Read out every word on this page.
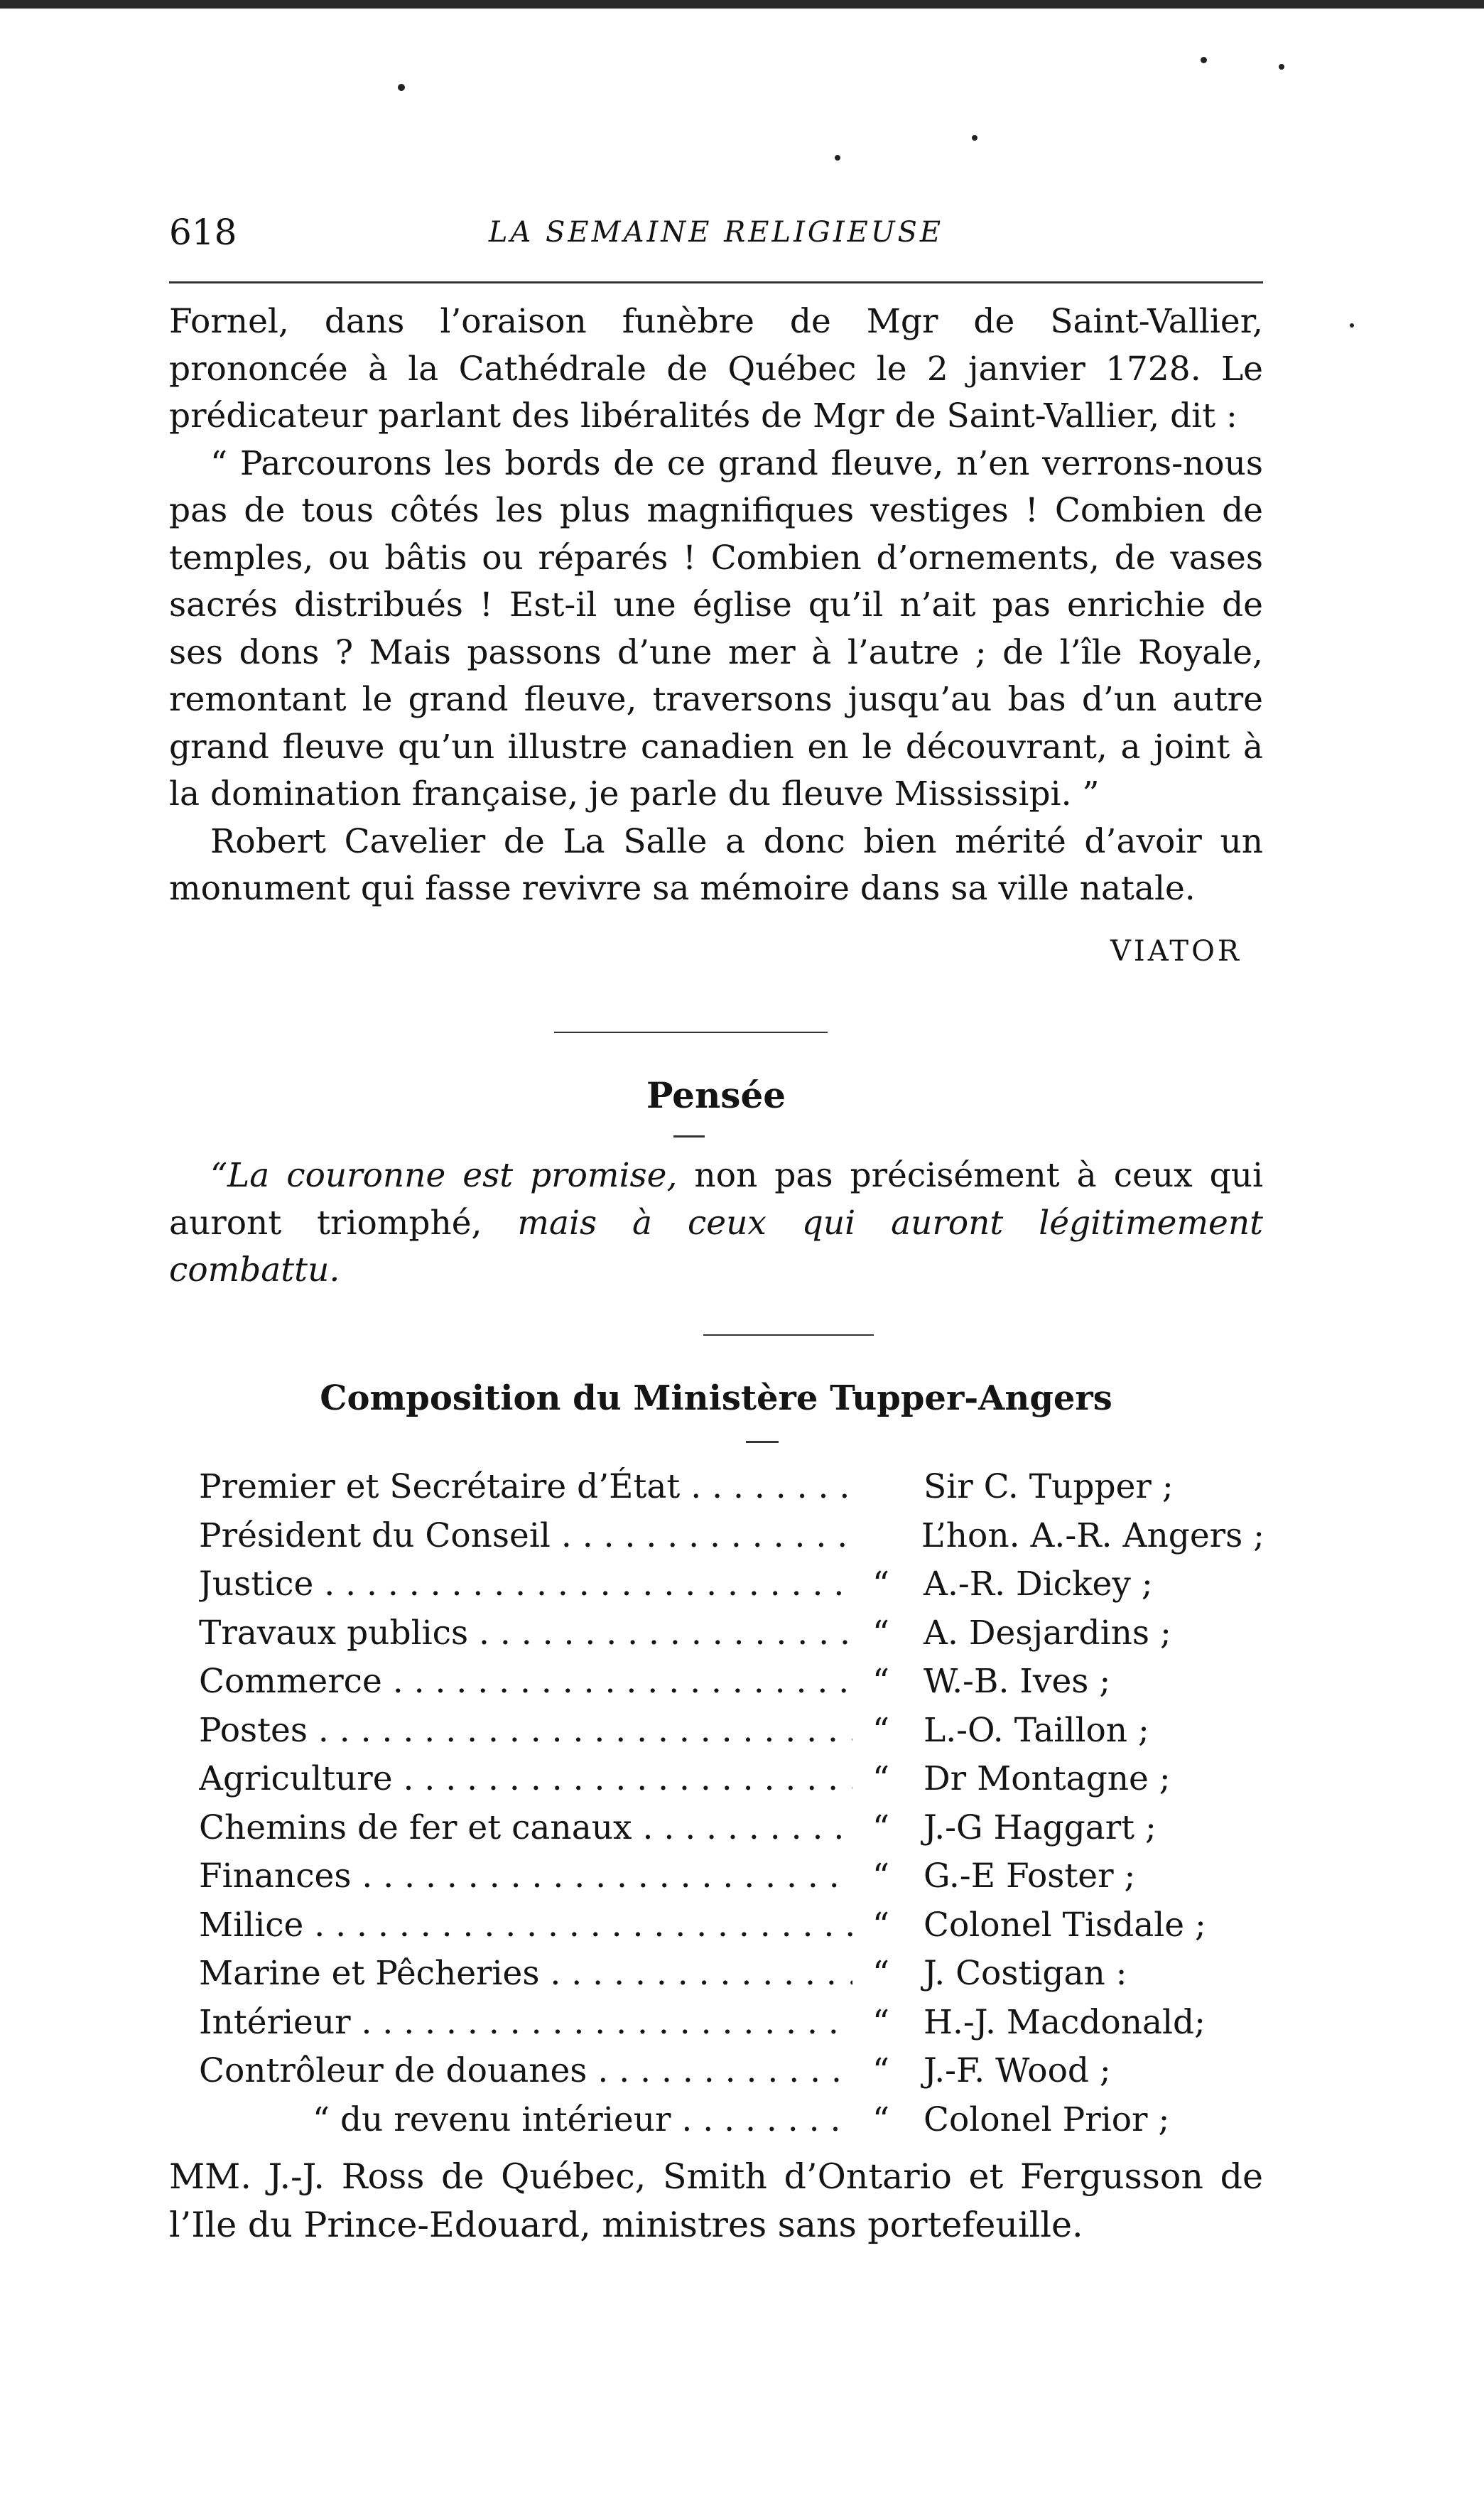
618	LA SEMAINE RELIGIEUSE

Fornel, dans l’oraison funèbre de Mgr de Saint-Vallier, prononcée à la Cathédrale de Québec le 2 janvier 1728. Le prédicateur parlant des libéralités de Mgr de Saint-Vallier, dit :

“ Parcourons les bords de ce grand fleuve, n’en verrons-nous pas de tous côtés les plus magnifiques vestiges ! Combien de temples, ou bâtis ou réparés ! Combien d’ornements, de vases sacrés distribués ! Est-il une église qu’il n’ait pas enrichie de ses dons ? Mais passons d’une mer à l’autre ; de l’île Royale, remontant le grand fleuve, traversons jusqu’au bas d’un autre grand fleuve qu’un illustre canadien en le découvrant, a joint à la domination française, je parle du fleuve Mississipi. ”

Robert Cavelier de La Salle a donc bien mérité d’avoir un monument qui fasse revivre sa mémoire dans sa ville natale.

VIATOR
Pensée

“La couronne est promise, non pas précisément à ceux qui auront triomphé, mais à ceux qui auront légitimement combattu.

Composition du Ministère Tupper-Angers
Premier et Secrétaire d’État . . .	Sir C. Tupper ;
Président du Conseil . . .	L’hon. A.-R. Angers ;
Justice . . .	“	A.-R. Dickey ;
Travaux publics . . .	“	A. Desjardins ;
Commerce . . .	“	W.-B. Ives ;
Postes . . .	“	L.-O. Taillon ;
Agriculture . . .	“	Dr Montagne ;
Chemins de fer et canaux . . .	“	J.-G Haggart ;
Finances . . .	“	G.-E Foster ;
Milice . . .	“	Colonel Tisdale ;
Marine et Pêcheries . . .	“	J. Costigan :
Intérieur . . .	“	H.-J. Macdonald;
Contrôleur de douanes . . .	“	J.-F. Wood ;
“ du revenu intérieur . . .	“	Colonel Prior ;

MM. J.-J. Ross de Québec, Smith d’Ontario et Fergusson de l’Ile du Prince-Edouard, ministres sans portefeuille.
